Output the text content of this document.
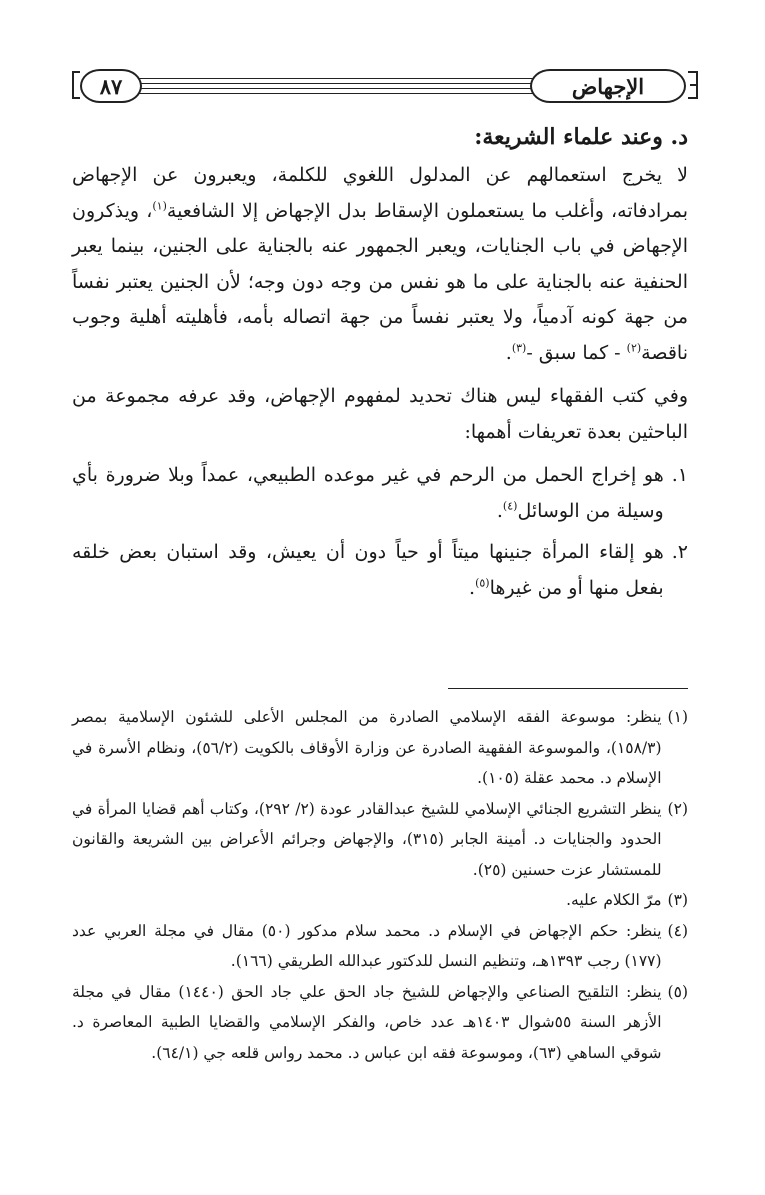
٨٧	الإجهاض
د. وعند علماء الشريعة:

لا يخرج استعمالهم عن المدلول اللغوي للكلمة، ويعبرون عن الإجهاض بمرادفاته، وأغلب ما يستعملون الإسقاط بدل الإجهاض إلا الشافعية$^{(١)}$، ويذكرون الإجهاض في باب الجنايات، ويعبر الجمهور عنه بالجناية على الجنين، بينما يعبر الحنفية عنه بالجناية على ما هو نفس من وجه دون وجه؛ لأن الجنين يعتبر نفساً من جهة كونه آدمياً، ولا يعتبر نفساً من جهة اتصاله بأمه، فأهليته أهلية وجوب ناقصة$^{(٢)}$ - كما سبق -$^{(٣)}$.

وفي كتب الفقهاء ليس هناك تحديد لمفهوم الإجهاض، وقد عرفه مجموعة من الباحثين بعدة تعريفات أهمها:

١.
هو إخراج الحمل من الرحم في غير موعده الطبيعي، عمداً وبلا ضرورة بأي وسيلة من الوسائل$^{(٤)}$.
٢.
هو إلقاء المرأة جنينها ميتاً أو حياً دون أن يعيش، وقد استبان بعض خلقه بفعل منها أو من غيرها$^{(٥)}$.
(١)
ينظر: موسوعة الفقه الإسلامي الصادرة من المجلس الأعلى للشئون الإسلامية بمصر (١٥٨/٣)، والموسوعة الفقهية الصادرة عن وزارة الأوقاف بالكويت (٥٦/٢)، ونظام الأسرة في الإسلام د. محمد عقلة (١٠٥).
(٢)
ينظر التشريع الجنائي الإسلامي للشيخ عبدالقادر عودة (٢/ ٢٩٢)، وكتاب أهم قضايا المرأة في الحدود والجنايات د. أمينة الجابر (٣١٥)، والإجهاض وجرائم الأعراض بين الشريعة والقانون للمستشار عزت حسنين (٢٥).
(٣)
مرّ الكلام عليه.
(٤)
ينظر: حكم الإجهاض في الإسلام د. محمد سلام مدكور (٥٠) مقال في مجلة العربي عدد (١٧٧) رجب ١٣٩٣هـ، وتنظيم النسل للدكتور عبدالله الطريقي (١٦٦).
(٥)
ينظر: التلقيح الصناعي والإجهاض للشيخ جاد الحق علي جاد الحق (١٤٤٠) مقال في مجلة الأزهر السنة ٥٥شوال ١٤٠٣هـ عدد خاص، والفكر الإسلامي والقضايا الطبية المعاصرة د. شوقي الساهي (٦٣)، وموسوعة فقه ابن عباس د. محمد رواس قلعه جي (٦٤/١).
